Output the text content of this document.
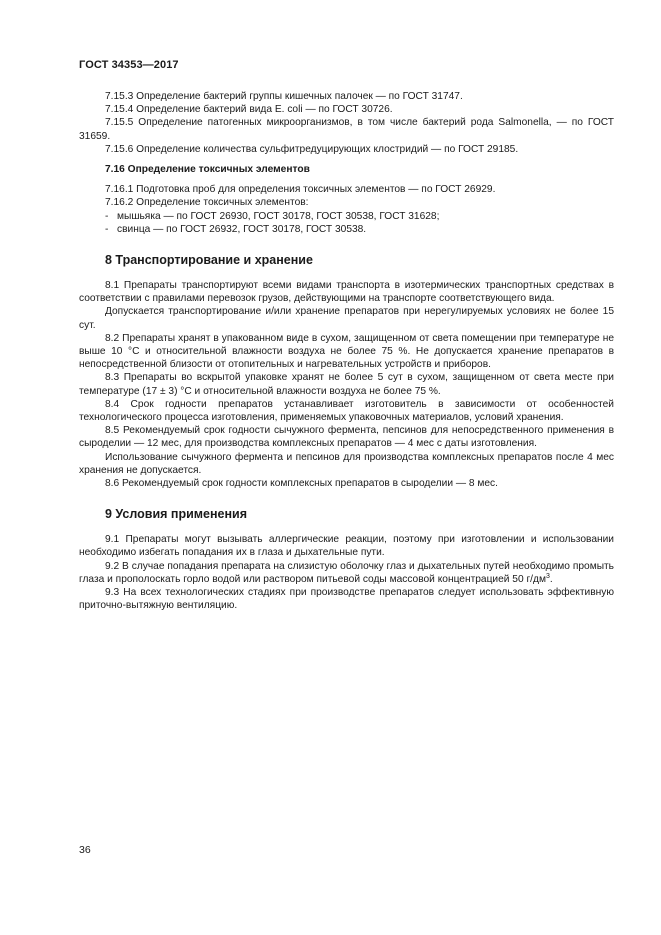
ГОСТ 34353—2017

7.15.3 Определение бактерий группы кишечных палочек — по ГОСТ 31747.

7.15.4 Определение бактерий вида E. coli — по ГОСТ 30726.

7.15.5 Определение патогенных микроорганизмов, в том числе бактерий рода Salmonella, — по ГОСТ 31659.

7.15.6 Определение количества сульфитредуцирующих клостридий — по ГОСТ 29185.

7.16 Определение токсичных элементов

7.16.1 Подготовка проб для определения токсичных элементов — по ГОСТ 26929.

7.16.2 Определение токсичных элементов:

- мышьяка — по ГОСТ 26930, ГОСТ 30178, ГОСТ 30538, ГОСТ 31628;

- свинца — по ГОСТ 26932, ГОСТ 30178, ГОСТ 30538.

8 Транспортирование и хранение

8.1 Препараты транспортируют всеми видами транспорта в изотермических транспортных средствах в соответствии с правилами перевозок грузов, действующими на транспорте соответствующего вида.

Допускается транспортирование и/или хранение препаратов при нерегулируемых условиях не более 15 сут.

8.2 Препараты хранят в упакованном виде в сухом, защищенном от света помещении при температуре не выше 10 °С и относительной влажности воздуха не более 75 %. Не допускается хранение препаратов в непосредственной близости от отопительных и нагревательных устройств и приборов.

8.3 Препараты во вскрытой упаковке хранят не более 5 сут в сухом, защищенном от света месте при температуре (17 ± 3) °С и относительной влажности воздуха не более 75 %.

8.4 Срок годности препаратов устанавливает изготовитель в зависимости от особенностей технологического процесса изготовления, применяемых упаковочных материалов, условий хранения.

8.5 Рекомендуемый срок годности сычужного фермента, пепсинов для непосредственного применения в сыроделии — 12 мес, для производства комплексных препаратов — 4 мес с даты изготовления.

Использование сычужного фермента и пепсинов для производства комплексных препаратов после 4 мес хранения не допускается.

8.6 Рекомендуемый срок годности комплексных препаратов в сыроделии — 8 мес.

9 Условия применения

9.1 Препараты могут вызывать аллергические реакции, поэтому при изготовлении и использовании необходимо избегать попадания их в глаза и дыхательные пути.

9.2 В случае попадания препарата на слизистую оболочку глаз и дыхательных путей необходимо промыть глаза и прополоскать горло водой или раствором питьевой соды массовой концентрацией 50 $г/дм^3$.

9.3 На всех технологических стадиях при производстве препаратов следует использовать эффективную приточно-вытяжную вентиляцию.

36
